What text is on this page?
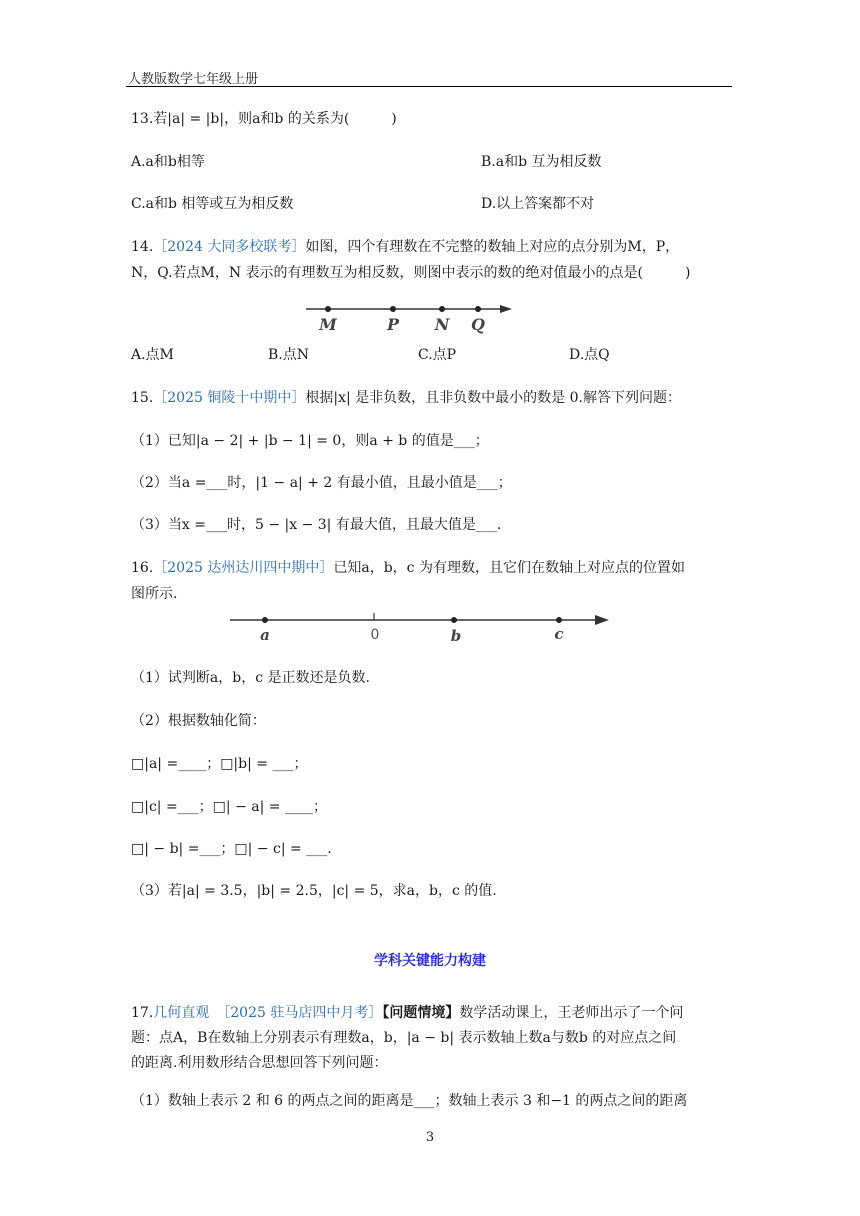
人教版数学七年级上册
13.若|a| = |b|，则a和b 的关系为(　　　)
A.a和b相等	B.a和b 互为相反数
C.a和b 相等或互为相反数	D.以上答案都不对
14.［2024 大同多校联考］如图，四个有理数在不完整的数轴上对应的点分别为M，P，
N，Q.若点M，N 表示的有理数互为相反数，则图中表示的数的绝对值最小的点是(　　　)
M	P N Q
A.点M	B.点N	C.点P	D.点Q
15.［2025 铜陵十中期中］根据|x| 是非负数，且非负数中最小的数是 0.解答下列问题：
（1）已知|a − 2| + |b − 1| = 0，则a + b 的值是___；
（2）当a =___时，|1 − a| + 2 有最小值，且最小值是___；
（3）当x =___时，5 − |x − 3| 有最大值，且最大值是___.
16.［2025 达州达川四中期中］已知a，b，c 为有理数，且它们在数轴上对应点的位置如
图所示.
a	0	b	c
（1）试判断a，b，c 是正数还是负数.
（2）根据数轴化简：
□|a| =____；□|b| = ___；
□|c| =___；□| − a| = ____；
□| − b| =___；□| − c| = ___.
（3）若|a| = 3.5，|b| = 2.5，|c| = 5，求a，b，c 的值.
学科关键能力构建
17.几何直观　 ［2025 驻马店四中月考］【问题情境】数学活动课上，王老师出示了一个问
题：点A，B在数轴上分别表示有理数a，b，|a − b| 表示数轴上数a与数b 的对应点之间
的距离.利用数形结合思想回答下列问题：
（1）数轴上表示 2 和 6 的两点之间的距离是___；数轴上表示 3 和−1 的两点之间的距离
3
